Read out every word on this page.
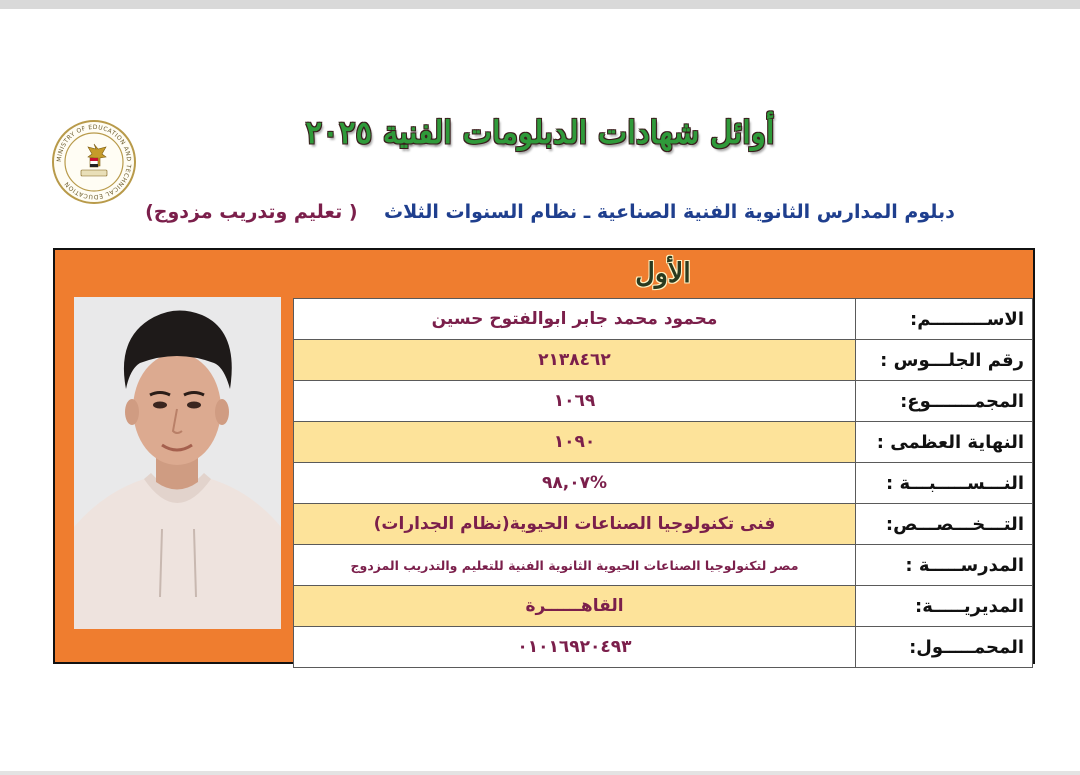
MINISTRY OF EDUCATION AND TECHNICAL EDUCATION
أوائل شهادات الدبلومات الفنية ٢٠٢٥
دبلوم المدارس الثانوية الفنية الصناعية ـ نظام السنوات الثلاث    ( تعليم وتدريب مزدوج)
الأول
الاســـــــــم:	محمود محمد جابر ابوالفتوح حسين
رقم الجلـــوس :	٢١٣٨٤٦٢
المجمـــــــوع:	١٠٦٩
النهاية العظمى :	١٠٩٠
النـــســـــبـــة :	%٩٨,٠٧
التـــخـــصـــص:	فنى تكنولوجيا الصناعات الحيوية(نظام الجدارات)
المدرســـــة :	مصر لتكنولوجيا الصناعات الحيوية الثانوية الفنية للتعليم والتدريب المزدوج
المديريـــــة:	القاهــــــرة
المحمـــــول:	٠١٠١٦٩٢٠٤٩٣
